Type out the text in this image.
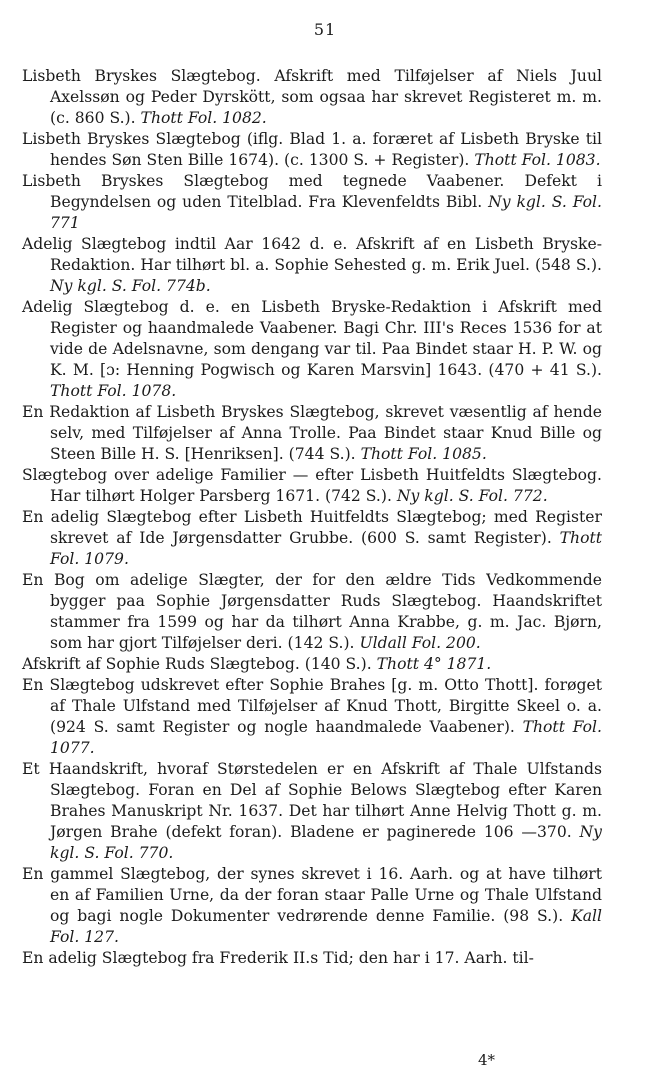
51

Lisbeth Bryskes Slægtebog. Afskrift med Tilføjelser af Niels Juul Axelssøn og Peder Dyrskött, som ogsaa har skrevet Registeret m. m. (c. 860 S.). Thott Fol. 1082.

Lisbeth Bryskes Slægtebog (iflg. Blad 1. a. foræret af Lisbeth Bryske til hendes Søn Sten Bille 1674). (c. 1300 S. + Register). Thott Fol. 1083.

Lisbeth Bryskes Slægtebog med tegnede Vaabener. Defekt i Begyndelsen og uden Titelblad. Fra Klevenfeldts Bibl. Ny kgl. S. Fol. 771

Adelig Slægtebog indtil Aar 1642 d. e. Afskrift af en Lisbeth Bryske-Redaktion. Har tilhørt bl. a. Sophie Sehested g. m. Erik Juel. (548 S.). Ny kgl. S. Fol. 774b.

Adelig Slægtebog d. e. en Lisbeth Bryske-Redaktion i Afskrift med Register og haandmalede Vaabener. Bagi Chr. III's Reces 1536 for at vide de Adelsnavne, som dengang var til. Paa Bindet staar H. P. W. og K. M. [ɔ: Henning Pogwisch og Karen Marsvin] 1643. (470 + 41 S.). Thott Fol. 1078.

En Redaktion af Lisbeth Bryskes Slægtebog, skrevet væsentlig af hende selv, med Tilføjelser af Anna Trolle. Paa Bindet staar Knud Bille og Steen Bille H. S. [Henriksen]. (744 S.). Thott Fol. 1085.

Slægtebog over adelige Familier — efter Lisbeth Huitfeldts Slægtebog. Har tilhørt Holger Parsberg 1671. (742 S.). Ny kgl. S. Fol. 772.

En adelig Slægtebog efter Lisbeth Huitfeldts Slægtebog; med Register skrevet af Ide Jørgensdatter Grubbe. (600 S. samt Register). Thott Fol. 1079.

En Bog om adelige Slægter, der for den ældre Tids Vedkommende bygger paa Sophie Jørgensdatter Ruds Slægtebog. Haandskriftet stammer fra 1599 og har da tilhørt Anna Krabbe, g. m. Jac. Bjørn, som har gjort Tilføjelser deri. (142 S.). Uldall Fol. 200.

Afskrift af Sophie Ruds Slægtebog. (140 S.). Thott 4° 1871.

En Slægtebog udskrevet efter Sophie Brahes [g. m. Otto Thott]. forøget af Thale Ulfstand med Tilføjelser af Knud Thott, Birgitte Skeel o. a. (924 S. samt Register og nogle haandmalede Vaabener). Thott Fol. 1077.

Et Haandskrift, hvoraf Størstedelen er en Afskrift af Thale Ulfstands Slægtebog. Foran en Del af Sophie Belows Slægtebog efter Karen Brahes Manuskript Nr. 1637. Det har tilhørt Anne Helvig Thott g. m. Jørgen Brahe (defekt foran). Bladene er paginerede 106 —370. Ny kgl. S. Fol. 770.

En gammel Slægtebog, der synes skrevet i 16. Aarh. og at have tilhørt en af Familien Urne, da der foran staar Palle Urne og Thale Ulfstand og bagi nogle Dokumenter vedrørende denne Familie. (98 S.). Kall Fol. 127.

En adelig Slægtebog fra Frederik II.s Tid; den har i 17. Aarh. til-

4*
